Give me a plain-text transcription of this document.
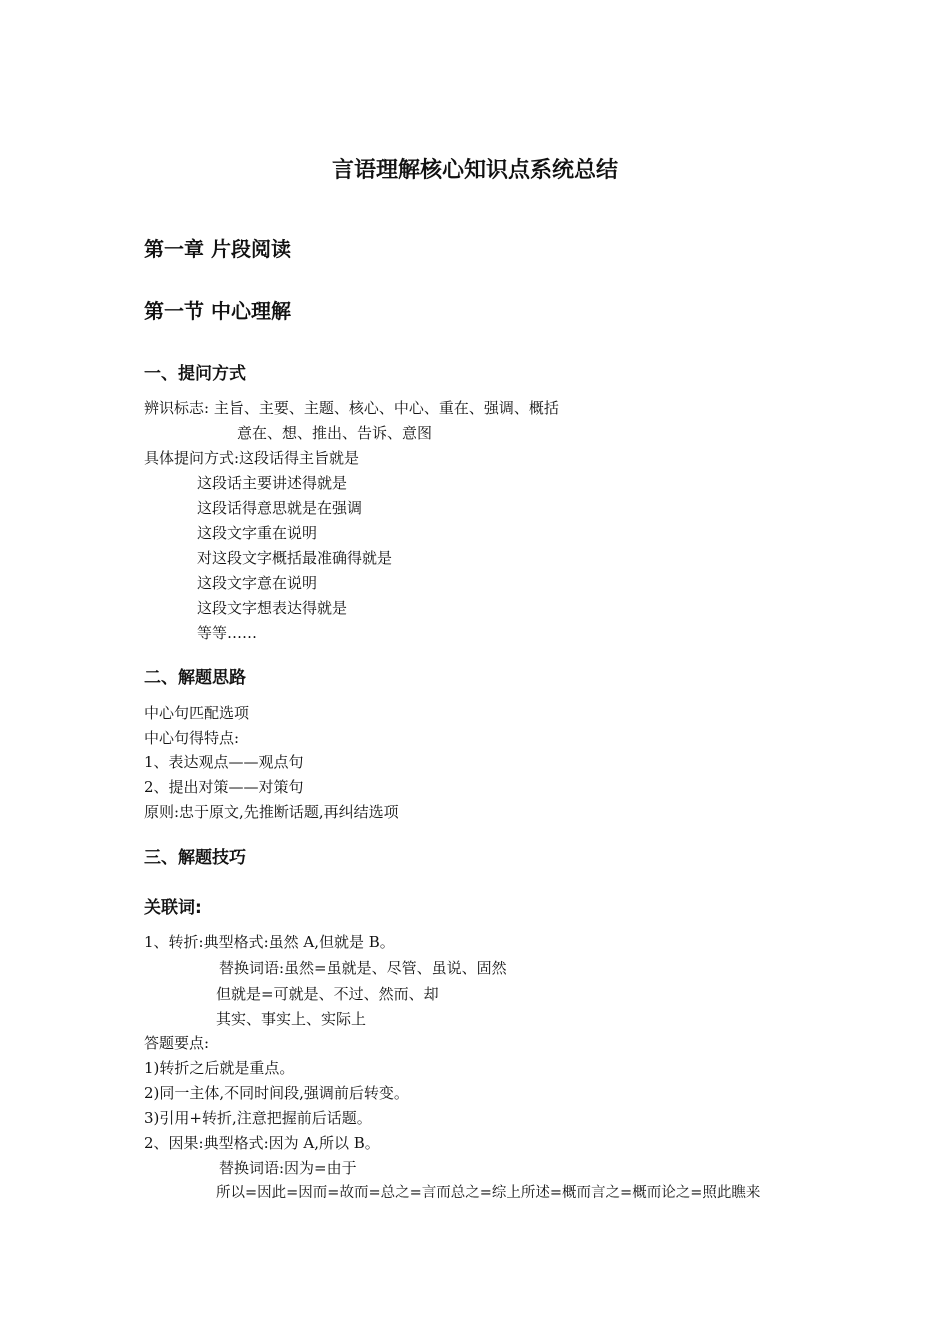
言语理解核心知识点系统总结
第一章 片段阅读
第一节 中心理解
一、提问方式
辨识标志: 主旨、主要、主题、核心、中心、重在、强调、概括
意在、想、推出、告诉、意图
具体提问方式:这段话得主旨就是
这段话主要讲述得就是
这段话得意思就是在强调
这段文字重在说明
对这段文字概括最准确得就是
这段文字意在说明
这段文字想表达得就是
等等……
二、解题思路
中心句匹配选项
中心句得特点:
1、表达观点——观点句
2、提出对策——对策句
原则:忠于原文,先推断话题,再纠结选项
三、解题技巧
关联词:
1、转折:典型格式:虽然 A,但就是 B。
替换词语:虽然=虽就是、尽管、虽说、固然
但就是=可就是、不过、然而、却
其实、事实上、实际上
答题要点:
1)转折之后就是重点。
2)同一主体,不同时间段,强调前后转变。
3)引用+转折,注意把握前后话题。
2、因果:典型格式:因为 A,所以 B。
替换词语:因为=由于
所以=因此=因而=故而=总之=言而总之=综上所述=概而言之=概而论之=照此瞧来
